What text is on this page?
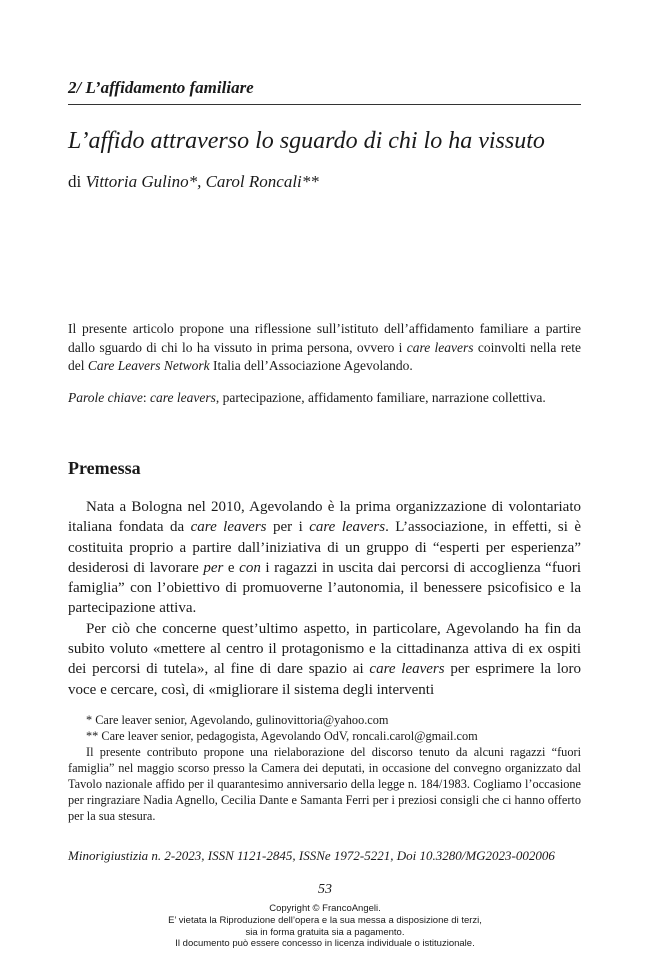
2/ L’affidamento familiare
L’affido attraverso lo sguardo di chi lo ha vissuto
di Vittoria Gulino*, Carol Roncali**
Il presente articolo propone una riflessione sull’istituto dell’affidamento familiare a partire dallo sguardo di chi lo ha vissuto in prima persona, ovvero i care leavers coinvolti nella rete del Care Leavers Network Italia dell’Associazione Agevolando.
Parole chiave: care leavers, partecipazione, affidamento familiare, narrazione collettiva.
Premessa

Nata a Bologna nel 2010, Agevolando è la prima organizzazione di volontariato italiana fondata da care leavers per i care leavers. L’associazione, in effetti, si è costituita proprio a partire dall’iniziativa di un gruppo di “esperti per esperienza” desiderosi di lavorare per e con i ragazzi in uscita dai percorsi di accoglienza “fuori famiglia” con l’obiettivo di promuoverne l’autonomia, il benessere psicofisico e la partecipazione attiva.

Per ciò che concerne quest’ultimo aspetto, in particolare, Agevolando ha fin da subito voluto «mettere al centro il protagonismo e la cittadinanza attiva di ex ospiti dei percorsi di tutela», al fine di dare spazio ai care leavers per esprimere la loro voce e cercare, così, di «migliorare il sistema degli interventi

* Care leaver senior, Agevolando, gulinovittoria@yahoo.com

** Care leaver senior, pedagogista, Agevolando OdV, roncali.carol@gmail.com

Il presente contributo propone una rielaborazione del discorso tenuto da alcuni ragazzi “fuori famiglia” nel maggio scorso presso la Camera dei deputati, in occasione del convegno organizzato dal Tavolo nazionale affido per il quarantesimo anniversario della legge n. 184/1983. Cogliamo l’occasione per ringraziare Nadia Agnello, Cecilia Dante e Samanta Ferri per i preziosi consigli che ci hanno offerto per la sua stesura.

Minorigiustizia n. 2-2023, ISSN 1121-2845, ISSNe 1972-5221, Doi 10.3280/MG2023-002006
53
Copyright © FrancoAngeli.
E’ vietata la Riproduzione dell’opera e la sua messa a disposizione di terzi,
sia in forma gratuita sia a pagamento.
Il documento può essere concesso in licenza individuale o istituzionale.
